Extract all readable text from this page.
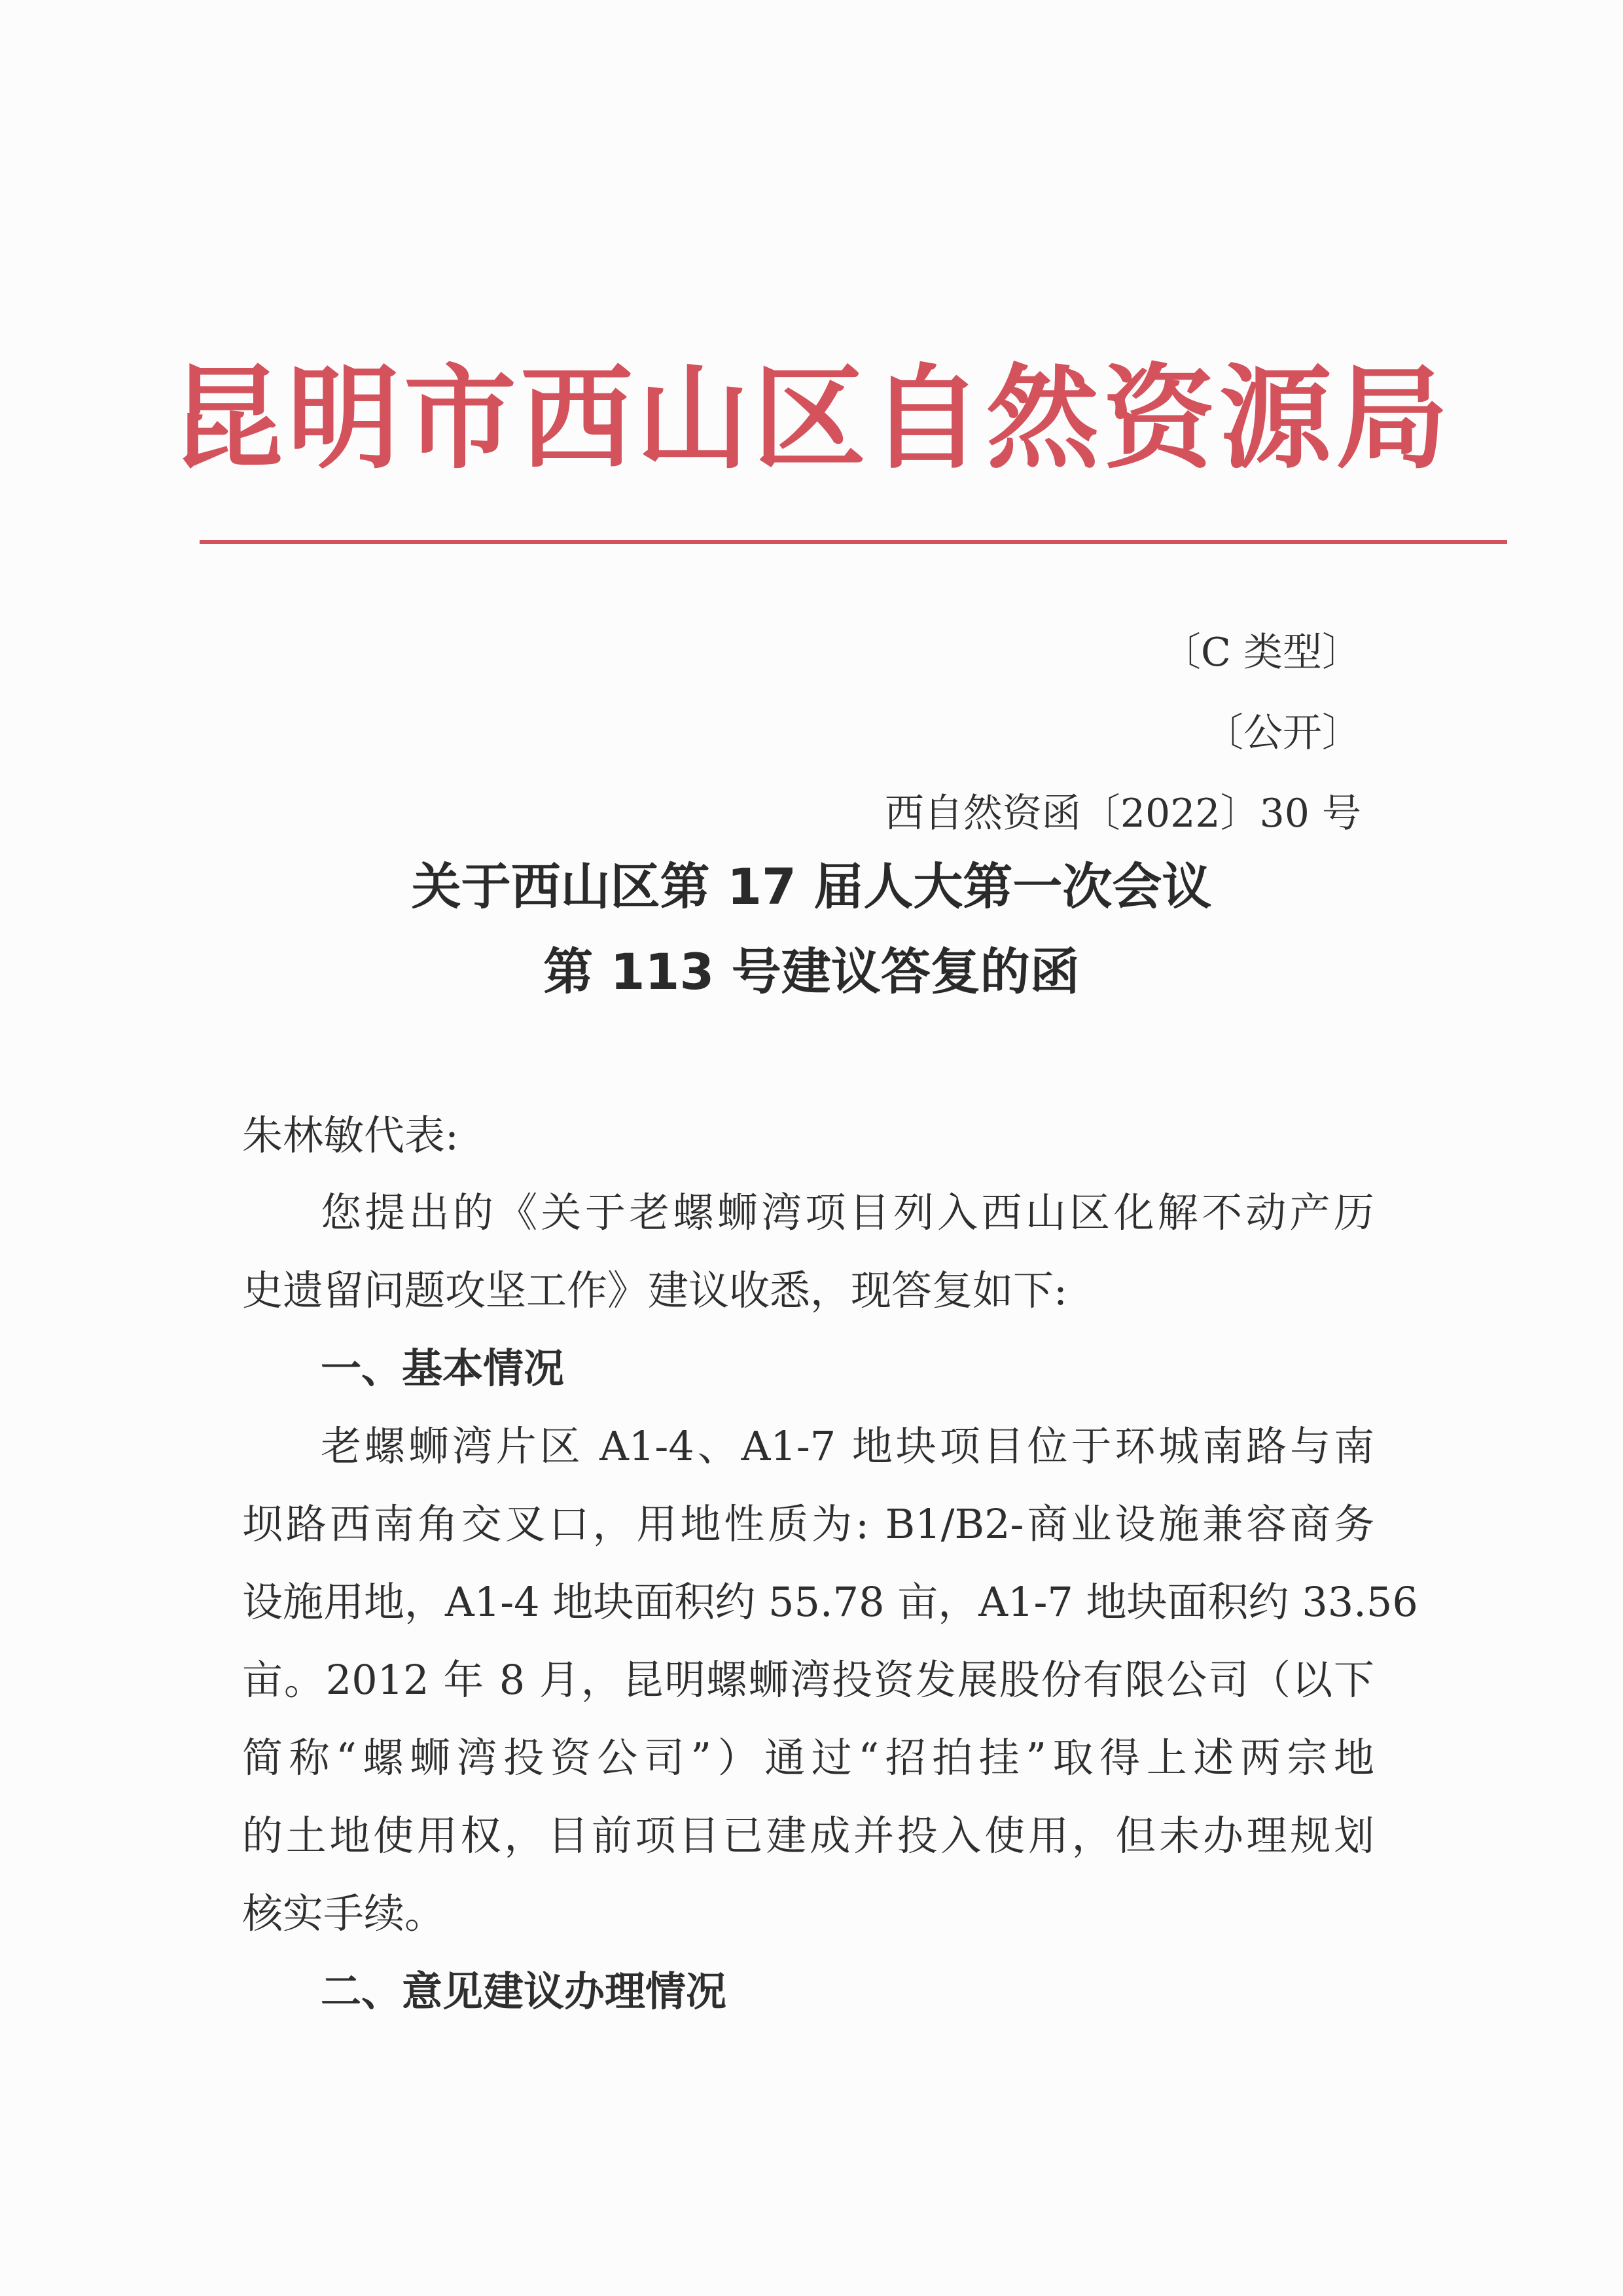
昆明市西山区自然资源局
〔C 类型〕
〔公开〕
西自然资函〔2022〕30 号
关于西山区第 17 届人大第一次会议
第 113 号建议答复的函
朱林敏代表:
您提出的《关于老螺蛳湾项目列入西山区化解不动产历
史遗留问题攻坚工作》建议收悉，现答复如下:
一、基本情况
老螺蛳湾片区 A1-4、A1-7 地块项目位于环城南路与南
坝路西南角交叉口，用地性质为: B1/B2-商业设施兼容商务
设施用地，A1-4 地块面积约 55.78 亩，A1-7 地块面积约 33.56
亩。2012 年 8 月，昆明螺蛳湾投资发展股份有限公司（以下
简称“螺蛳湾投资公司”）通过“招拍挂”取得上述两宗地
的土地使用权，目前项目已建成并投入使用，但未办理规划
核实手续。
二、意见建议办理情况
